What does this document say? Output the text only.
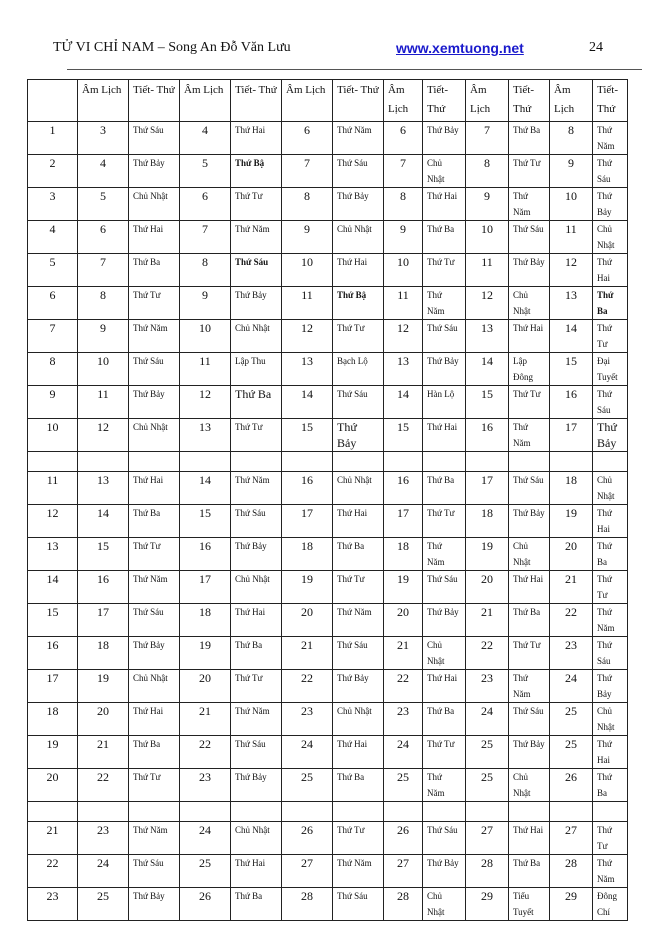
TỬ VI CHỈ NAM – Song An Đỗ Văn Lưu	www.xemtuong.net	24
	Âm Lịch	Tiết- Thứ	Âm Lịch	Tiết- Thứ	Âm Lịch	Tiết- Thứ	Âm Lịch	Tiết- Thứ	Âm Lịch	Tiết- Thứ	Âm Lịch	Tiết- Thứ
1	3	Thứ Sáu	4	Thứ Hai	6	Thứ Năm	6	Thứ Bảy	7	Thứ Ba	8	Thứ Năm
2	4	Thứ Bảy	5	Thứ Bậ	7	Thứ Sáu	7	Chủ Nhật	8	Thứ Tư	9	Thứ Sáu
3	5	Chủ Nhật	6	Thứ Tư	8	Thứ Bảy	8	Thứ Hai	9	Thứ Năm	10	Thứ Bảy
4	6	Thứ Hai	7	Thứ Năm	9	Chủ Nhật	9	Thứ Ba	10	Thứ Sáu	11	Chủ Nhật
5	7	Thứ Ba	8	Thứ Sáu	10	Thứ Hai	10	Thứ Tư	11	Thứ Bảy	12	Thứ Hai
6	8	Thứ Tư	9	Thứ Bảy	11	Thứ Bậ	11	Thứ Năm	12	Chủ Nhật	13	Thứ Ba
7	9	Thứ Năm	10	Chủ Nhật	12	Thứ Tư	12	Thứ Sáu	13	Thứ Hai	14	Thứ Tư
8	10	Thứ Sáu	11	Lập Thu	13	Bạch Lộ	13	Thứ Bảy	14	Lập Đông	15	Đại Tuyết
9	11	Thứ Bảy	12	Thứ Ba	14	Thứ Sáu	14	Hàn Lộ	15	Thứ Tư	16	Thứ Sáu
10	12	Chủ Nhật	13	Thứ Tư	15	Thứ Bảy	15	Thứ Hai	16	Thứ Năm	17	Thứ Bảy

11	13	Thứ Hai	14	Thứ Năm	16	Chủ Nhật	16	Thứ Ba	17	Thứ Sáu	18	Chủ Nhật
12	14	Thứ Ba	15	Thứ Sáu	17	Thứ Hai	17	Thứ Tư	18	Thứ Bảy	19	Thứ Hai
13	15	Thứ Tư	16	Thứ Bảy	18	Thứ Ba	18	Thứ Năm	19	Chủ Nhật	20	Thứ Ba
14	16	Thứ Năm	17	Chủ Nhật	19	Thứ Tư	19	Thứ Sáu	20	Thứ Hai	21	Thứ Tư
15	17	Thứ Sáu	18	Thứ Hai	20	Thứ Năm	20	Thứ Bảy	21	Thứ Ba	22	Thứ Năm
16	18	Thứ Bảy	19	Thứ Ba	21	Thứ Sáu	21	Chủ Nhật	22	Thứ Tư	23	Thứ Sáu
17	19	Chủ Nhật	20	Thứ Tư	22	Thứ Bảy	22	Thứ Hai	23	Thứ Năm	24	Thứ Bảy
18	20	Thứ Hai	21	Thứ Năm	23	Chủ Nhật	23	Thứ Ba	24	Thứ Sáu	25	Chủ Nhật
19	21	Thứ Ba	22	Thứ Sáu	24	Thứ Hai	24	Thứ Tư	25	Thứ Bảy	25	Thứ Hai
20	22	Thứ Tư	23	Thứ Bảy	25	Thứ Ba	25	Thứ Năm	25	Chủ Nhật	26	Thứ Ba

21	23	Thứ Năm	24	Chủ Nhật	26	Thứ Tư	26	Thứ Sáu	27	Thứ Hai	27	Thứ Tư
22	24	Thứ Sáu	25	Thứ Hai	27	Thứ Năm	27	Thứ Bảy	28	Thứ Ba	28	Thứ Năm
23	25	Thứ Bảy	26	Thứ Ba	28	Thứ Sáu	28	Chủ Nhật	29	Tiểu Tuyết	29	Đông Chí
